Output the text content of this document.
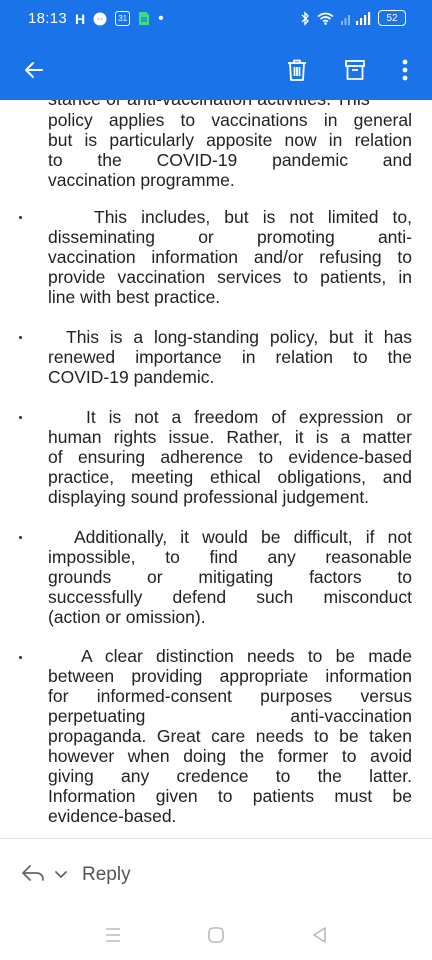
18:13 H	31 •	52
policy applies to vaccinations in general
but is particularly apposite now in relation
to the COVID-19 pandemic and
vaccination programme.
This includes, but is not limited to,
disseminating or promoting anti-
vaccination information and/or refusing to
provide vaccination services to patients, in
line with best practice.
This is a long-standing policy, but it has
renewed importance in relation to the
COVID-19 pandemic.
It is not a freedom of expression or
human rights issue. Rather, it is a matter
of ensuring adherence to evidence-based
practice, meeting ethical obligations, and
displaying sound professional judgement.
Additionally, it would be difficult, if not
impossible, to find any reasonable
grounds or mitigating factors to
successfully defend such misconduct
(action or omission).
A clear distinction needs to be made
between providing appropriate information
for informed-consent purposes versus
perpetuating	anti-vaccination
propaganda. Great care needs to be taken
however when doing the former to avoid
giving any credence to the latter.
Information given to patients must be
evidence-based.
Reply
